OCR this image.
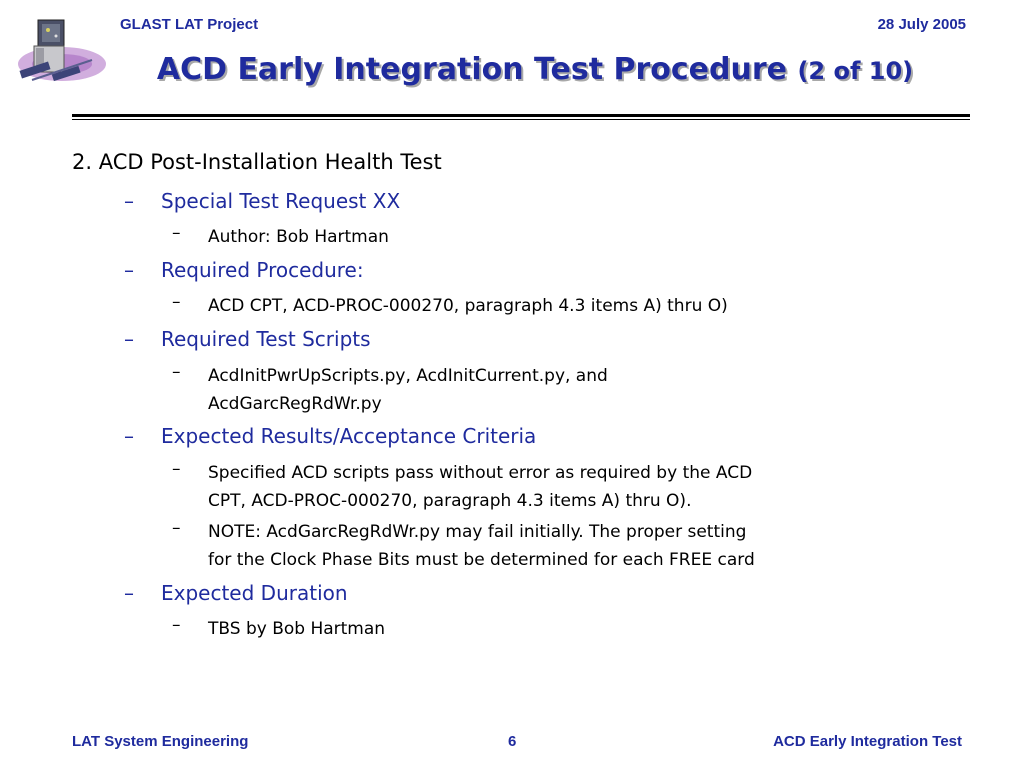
GLAST LAT Project	28 July 2005
ACD Early Integration Test Procedure (2 of 10)
2. ACD Post-Installation Health Test
– Special Test Request XX
– Author: Bob Hartman
– Required Procedure:
– ACD CPT, ACD-PROC-000270, paragraph 4.3 items A) thru O)
– Required Test Scripts
– AcdInitPwrUpScripts.py, AcdInitCurrent.py, and
AcdGarcRegRdWr.py
– Expected Results/Acceptance Criteria
– Specified ACD scripts pass without error as required by the ACD
CPT, ACD-PROC-000270, paragraph 4.3 items A) thru O).
– NOTE: AcdGarcRegRdWr.py may fail initially. The proper setting
for the Clock Phase Bits must be determined for each FREE card
– Expected Duration
– TBS by Bob Hartman
LAT System Engineering	6	ACD Early Integration Test
